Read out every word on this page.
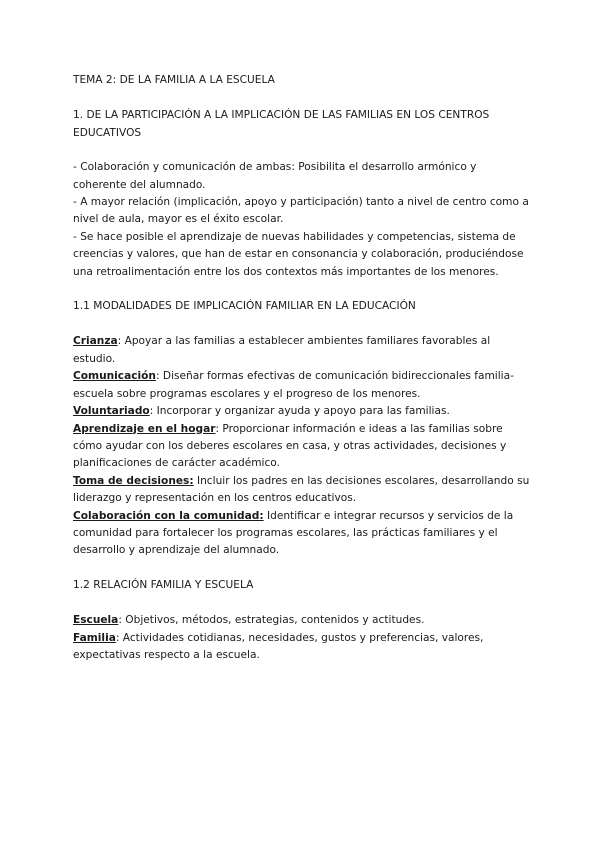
TEMA 2: DE LA FAMILIA A LA ESCUELA

1. DE LA PARTICIPACIÓN A LA IMPLICACIÓN DE LAS FAMILIAS EN LOS CENTROS EDUCATIVOS

- Colaboración y comunicación de ambas: Posibilita el desarrollo armónico y coherente del alumnado.

- A mayor relación (implicación, apoyo y participación) tanto a nivel de centro como a nivel de aula, mayor es el éxito escolar.

- Se hace posible el aprendizaje de nuevas habilidades y competencias, sistema de creencias y valores, que han de estar en consonancia y colaboración, produciéndose una retroalimentación entre los dos contextos más importantes de los menores.

1.1 MODALIDADES DE IMPLICACIÓN FAMILIAR EN LA EDUCACIÓN

Crianza: Apoyar a las familias a establecer ambientes familiares favorables al estudio.

Comunicación: Diseñar formas efectivas de comunicación bidireccionales familia-escuela sobre programas escolares y el progreso de los menores.

Voluntariado: Incorporar y organizar ayuda y apoyo para las familias.

Aprendizaje en el hogar: Proporcionar información e ideas a las familias sobre cómo ayudar con los deberes escolares en casa, y otras actividades, decisiones y planificaciones de carácter académico.

Toma de decisiones: Incluir los padres en las decisiones escolares, desarrollando su liderazgo y representación en los centros educativos.

Colaboración con la comunidad: Identificar e integrar recursos y servicios de la comunidad para fortalecer los programas escolares, las prácticas familiares y el desarrollo y aprendizaje del alumnado.

1.2 RELACIÓN FAMILIA Y ESCUELA

Escuela: Objetivos, métodos, estrategias, contenidos y actitudes.

Familia: Actividades cotidianas, necesidades, gustos y preferencias, valores, expectativas respecto a la escuela.
